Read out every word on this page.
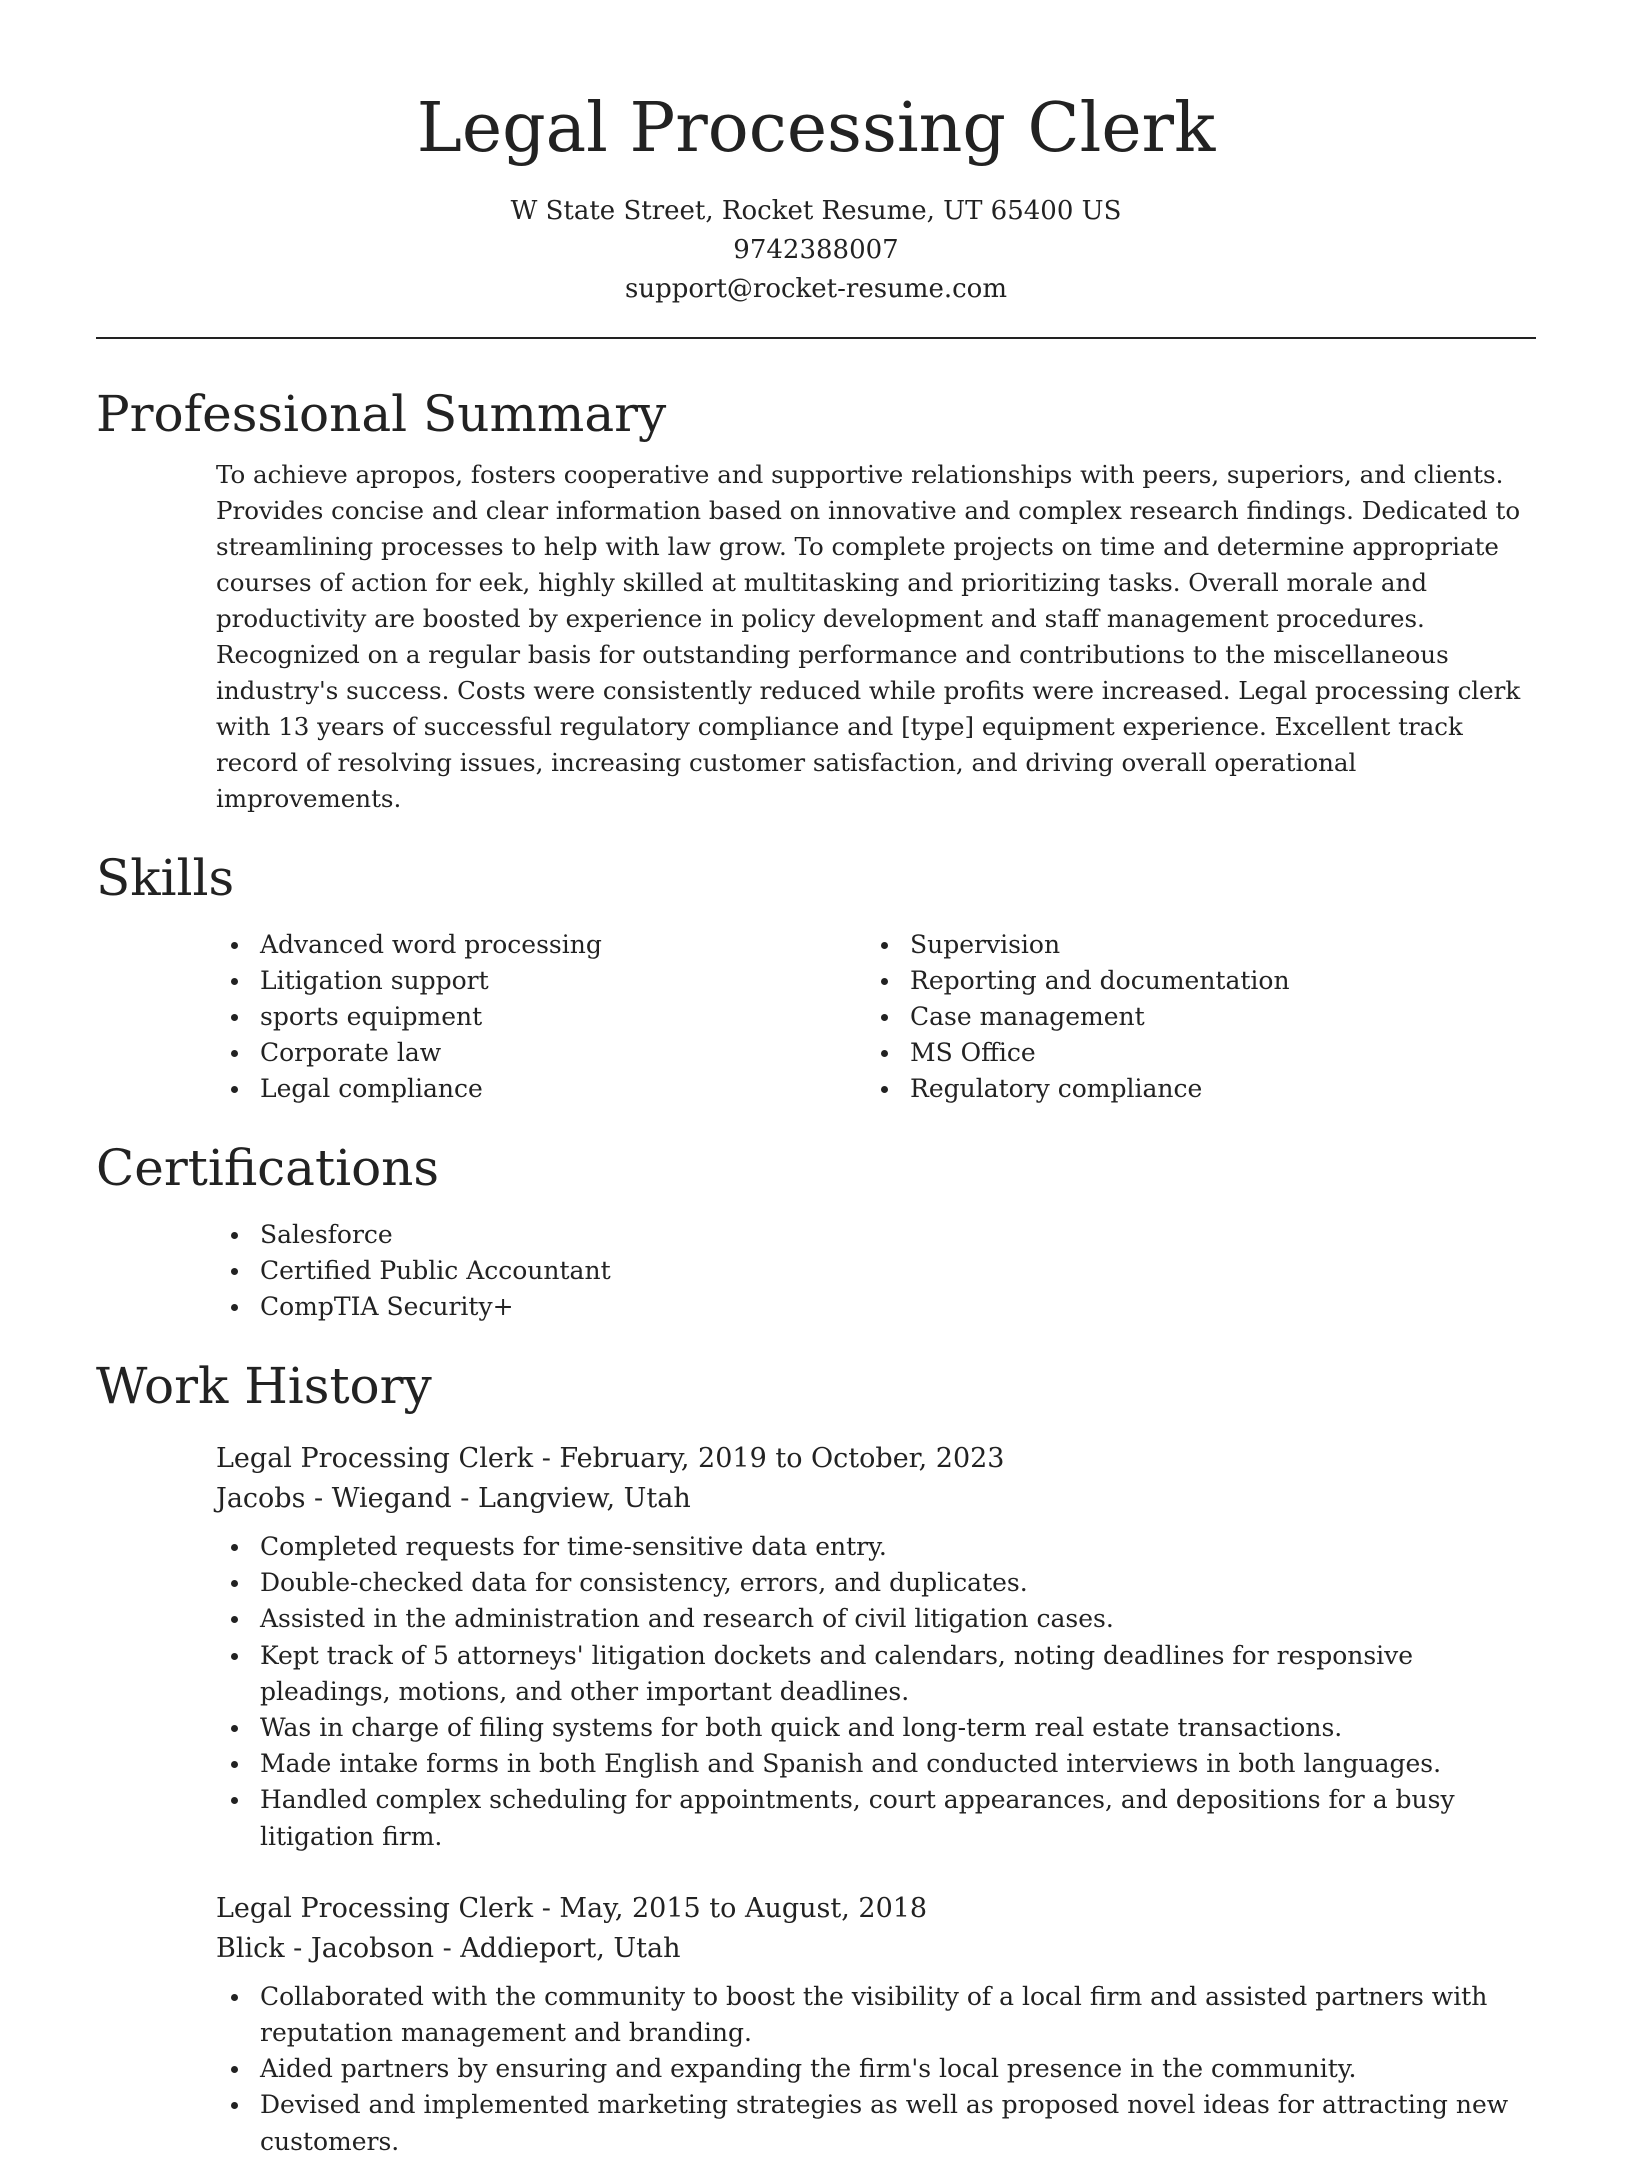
Legal Processing Clerk
W State Street, Rocket Resume, UT 65400 US
9742388007
support@rocket-resume.com
Professional Summary

To achieve apropos, fosters cooperative and supportive relationships with peers, superiors, and clients. Provides concise and clear information based on innovative and complex research findings. Dedicated to streamlining processes to help with law grow. To complete projects on time and determine appropriate courses of action for eek, highly skilled at multitasking and prioritizing tasks. Overall morale and productivity are boosted by experience in policy development and staff management procedures. Recognized on a regular basis for outstanding performance and contributions to the miscellaneous industry's success. Costs were consistently reduced while profits were increased. Legal processing clerk with 13 years of successful regulatory compliance and [type] equipment experience. Excellent track record of resolving issues, increasing customer satisfaction, and driving overall operational improvements.

Skills
Advanced word processing
Litigation support
sports equipment
Corporate law
Legal compliance
Supervision
Reporting and documentation
Case management
MS Office
Regulatory compliance
Certifications
Salesforce
Certified Public Accountant
CompTIA Security+
Work History
Legal Processing Clerk - February, 2019 to October, 2023
Jacobs - Wiegand - Langview, Utah
Completed requests for time-sensitive data entry.
Double-checked data for consistency, errors, and duplicates.
Assisted in the administration and research of civil litigation cases.
Kept track of 5 attorneys' litigation dockets and calendars, noting deadlines for responsive pleadings, motions, and other important deadlines.
Was in charge of filing systems for both quick and long-term real estate transactions.
Made intake forms in both English and Spanish and conducted interviews in both languages.
Handled complex scheduling for appointments, court appearances, and depositions for a busy litigation firm.
Legal Processing Clerk - May, 2015 to August, 2018
Blick - Jacobson - Addieport, Utah
Collaborated with the community to boost the visibility of a local firm and assisted partners with reputation management and branding.
Aided partners by ensuring and expanding the firm's local presence in the community.
Devised and implemented marketing strategies as well as proposed novel ideas for attracting new customers.
